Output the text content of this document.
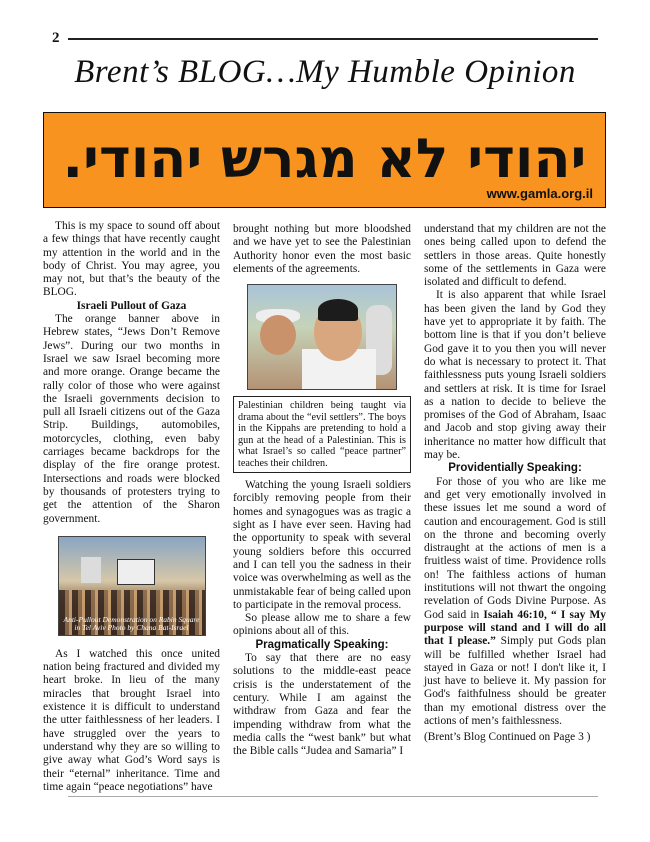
2
Brent’s BLOG…My Humble Opinion
יהודי לא מגרש יהודי.
www.gamla.org.il

This is my space to sound off about a few things that have recently caught my attention in the world and in the body of Christ. You may agree, you may not, but that’s the beauty of the BLOG.

Israeli Pullout of Gaza

The orange banner above in Hebrew states, “Jews Don’t Remove Jews”. During our two months in Israel we saw Israel becoming more and more orange. Orange became the rally color of those who were against the Israeli governments decision to pull all Israeli citizens out of the Gaza Strip. Buildings, automobiles, motorcycles, clothing, even baby carriages became backdrops for the display of the fire orange protest. Intersections and roads were blocked by thousands of protesters trying to get the attention of the Sharon government.

Anti-Pullout Demonstration on Rabin Square in Tel Aviv Photo by Chana Bat-Israel

As I watched this once united nation being fractured and divided my heart broke. In lieu of the many miracles that brought Israel into existence it is difficult to understand the utter faithlessness of her leaders. I have struggled over the years to understand why they are so willing to give away what God’s Word says is their “eternal” inheritance. Time and time again “peace negotiations” have

brought nothing but more bloodshed and we have yet to see the Palestinian Authority honor even the most basic elements of the agreements.

Palestinian children being taught via drama about the “evil settlers”. The boys in the Kippahs are pretending to hold a gun at the head of a Palestinian. This is what Israel’s so called “peace partner” teaches their children.

Watching the young Israeli soldiers forcibly removing people from their homes and synagogues was as tragic a sight as I have ever seen. Having had the opportunity to speak with several young soldiers before this occurred and I can tell you the sadness in their voice was overwhelming as well as the unmistakable fear of being called upon to participate in the removal process.

So please allow me to share a few opinions about all of this.

Pragmatically Speaking:

To say that there are no easy solutions to the middle-east peace crisis is the understatement of the century. While I am against the withdraw from Gaza and fear the impending withdraw from what the media calls the “west bank” but what the Bible calls “Judea and Samaria” I

understand that my children are not the ones being called upon to defend the settlers in those areas. Quite honestly some of the settlements in Gaza were isolated and difficult to defend.

It is also apparent that while Israel has been given the land by God they have yet to appropriate it by faith. The bottom line is that if you don’t believe God gave it to you then you will never do what is necessary to protect it. That faithlessness puts young Israeli soldiers and settlers at risk. It is time for Israel as a nation to decide to believe the promises of the God of Abraham, Isaac and Jacob and stop giving away their inheritance no matter how difficult that may be.

Providentially Speaking:

For those of you who are like me and get very emotionally involved in these issues let me sound a word of caution and encouragement. God is still on the throne and becoming overly distraught at the actions of men is a fruitless waist of time. Providence rolls on! The faithless actions of human institutions will not thwart the ongoing revelation of Gods Divine Purpose. As God said in Isaiah 46:10, “ I say My purpose will stand and I will do all that I please.” Simply put Gods plan will be fulfilled whether Israel had stayed in Gaza or not! I don't like it, I just have to believe it. My passion for God's faithfulness should be greater than my emotional distress over the actions of men’s faithlessness.

(Brent’s Blog Continued on Page 3 )
